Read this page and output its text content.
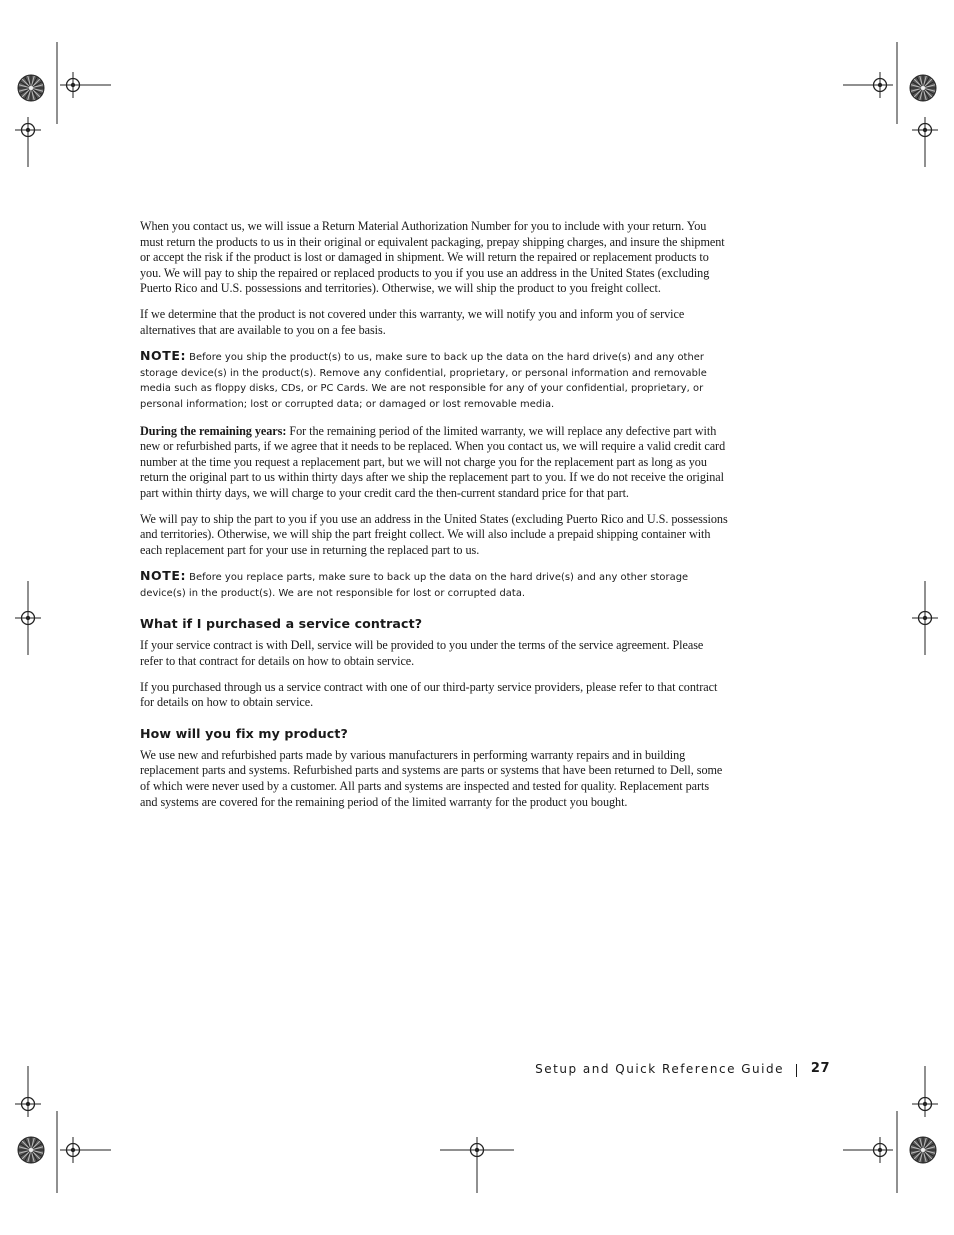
When you contact us, we will issue a Return Material Authorization Number for you to include with your return. You must return the products to us in their original or equivalent packaging, prepay shipping charges, and insure the shipment or accept the risk if the product is lost or damaged in shipment. We will return the repaired or replacement products to you. We will pay to ship the repaired or replaced products to you if you use an address in the United States (excluding Puerto Rico and U.S. possessions and territories). Otherwise, we will ship the product to you freight collect.

If we determine that the product is not covered under this warranty, we will notify you and inform you of service alternatives that are available to you on a fee basis.

NOTE: Before you ship the product(s) to us, make sure to back up the data on the hard drive(s) and any other storage device(s) in the product(s). Remove any confidential, proprietary, or personal information and removable media such as floppy disks, CDs, or PC Cards. We are not responsible for any of your confidential, proprietary, or personal information; lost or corrupted data; or damaged or lost removable media.

During the remaining years: For the remaining period of the limited warranty, we will replace any defective part with new or refurbished parts, if we agree that it needs to be replaced. When you contact us, we will require a valid credit card number at the time you request a replacement part, but we will not charge you for the replacement part as long as you return the original part to us within thirty days after we ship the replacement part to you. If we do not receive the original part within thirty days, we will charge to your credit card the then-current standard price for that part.

We will pay to ship the part to you if you use an address in the United States (excluding Puerto Rico and U.S. possessions and territories). Otherwise, we will ship the part freight collect. We will also include a prepaid shipping container with each replacement part for your use in returning the replaced part to us.

NOTE: Before you replace parts, make sure to back up the data on the hard drive(s) and any other storage device(s) in the product(s). We are not responsible for lost or corrupted data.

What if I purchased a service contract?

If your service contract is with Dell, service will be provided to you under the terms of the service agreement. Please refer to that contract for details on how to obtain service.

If you purchased through us a service contract with one of our third-party service providers, please refer to that contract for details on how to obtain service.

How will you fix my product?

We use new and refurbished parts made by various manufacturers in performing warranty repairs and in building replacement parts and systems. Refurbished parts and systems are parts or systems that have been returned to Dell, some of which were never used by a customer. All parts and systems are inspected and tested for quality. Replacement parts and systems are covered for the remaining period of the limited warranty for the product you bought.

Setup and Quick Reference Guide 27
